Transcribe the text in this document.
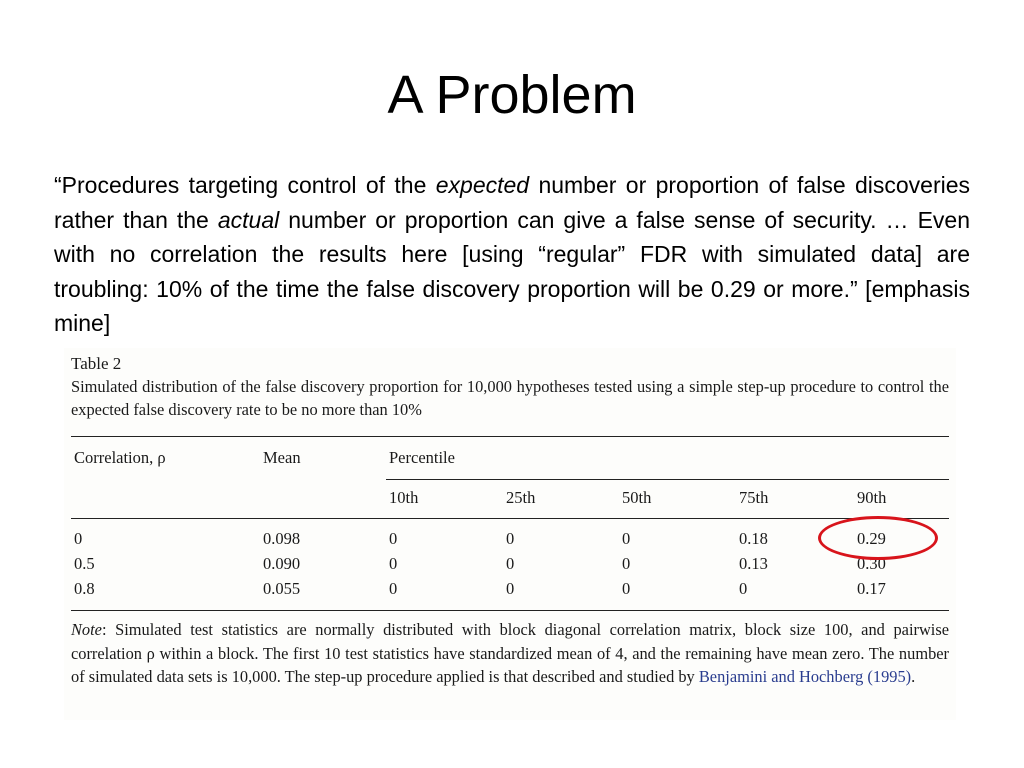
A Problem
“Procedures targeting control of the expected number or proportion of false discoveries rather than the actual number or proportion can give a false sense of security. … Even with no correlation the results here [using “regular” FDR with simulated data] are troubling: 10% of the time the false discovery proportion will be 0.29 or more.” [emphasis mine]
Table 2
Simulated distribution of the false discovery proportion for 10,000 hypotheses tested using a simple step-up procedure to control the expected false discovery rate to be no more than 10%
Correlation, ρ	Mean	Percentile
10th	25th	50th	75th	90th
0	0.098	0	0	0	0.18	0.29
0.5	0.090	0	0	0	0.13	0.30
0.8	0.055	0	0	0	0	0.17
Note: Simulated test statistics are normally distributed with block diagonal correlation matrix, block size 100, and pairwise correlation ρ within a block. The first 10 test statistics have standardized mean of 4, and the remaining have mean zero. The number of simulated data sets is 10,000. The step-up procedure applied is that described and studied by Benjamini and Hochberg (1995).
